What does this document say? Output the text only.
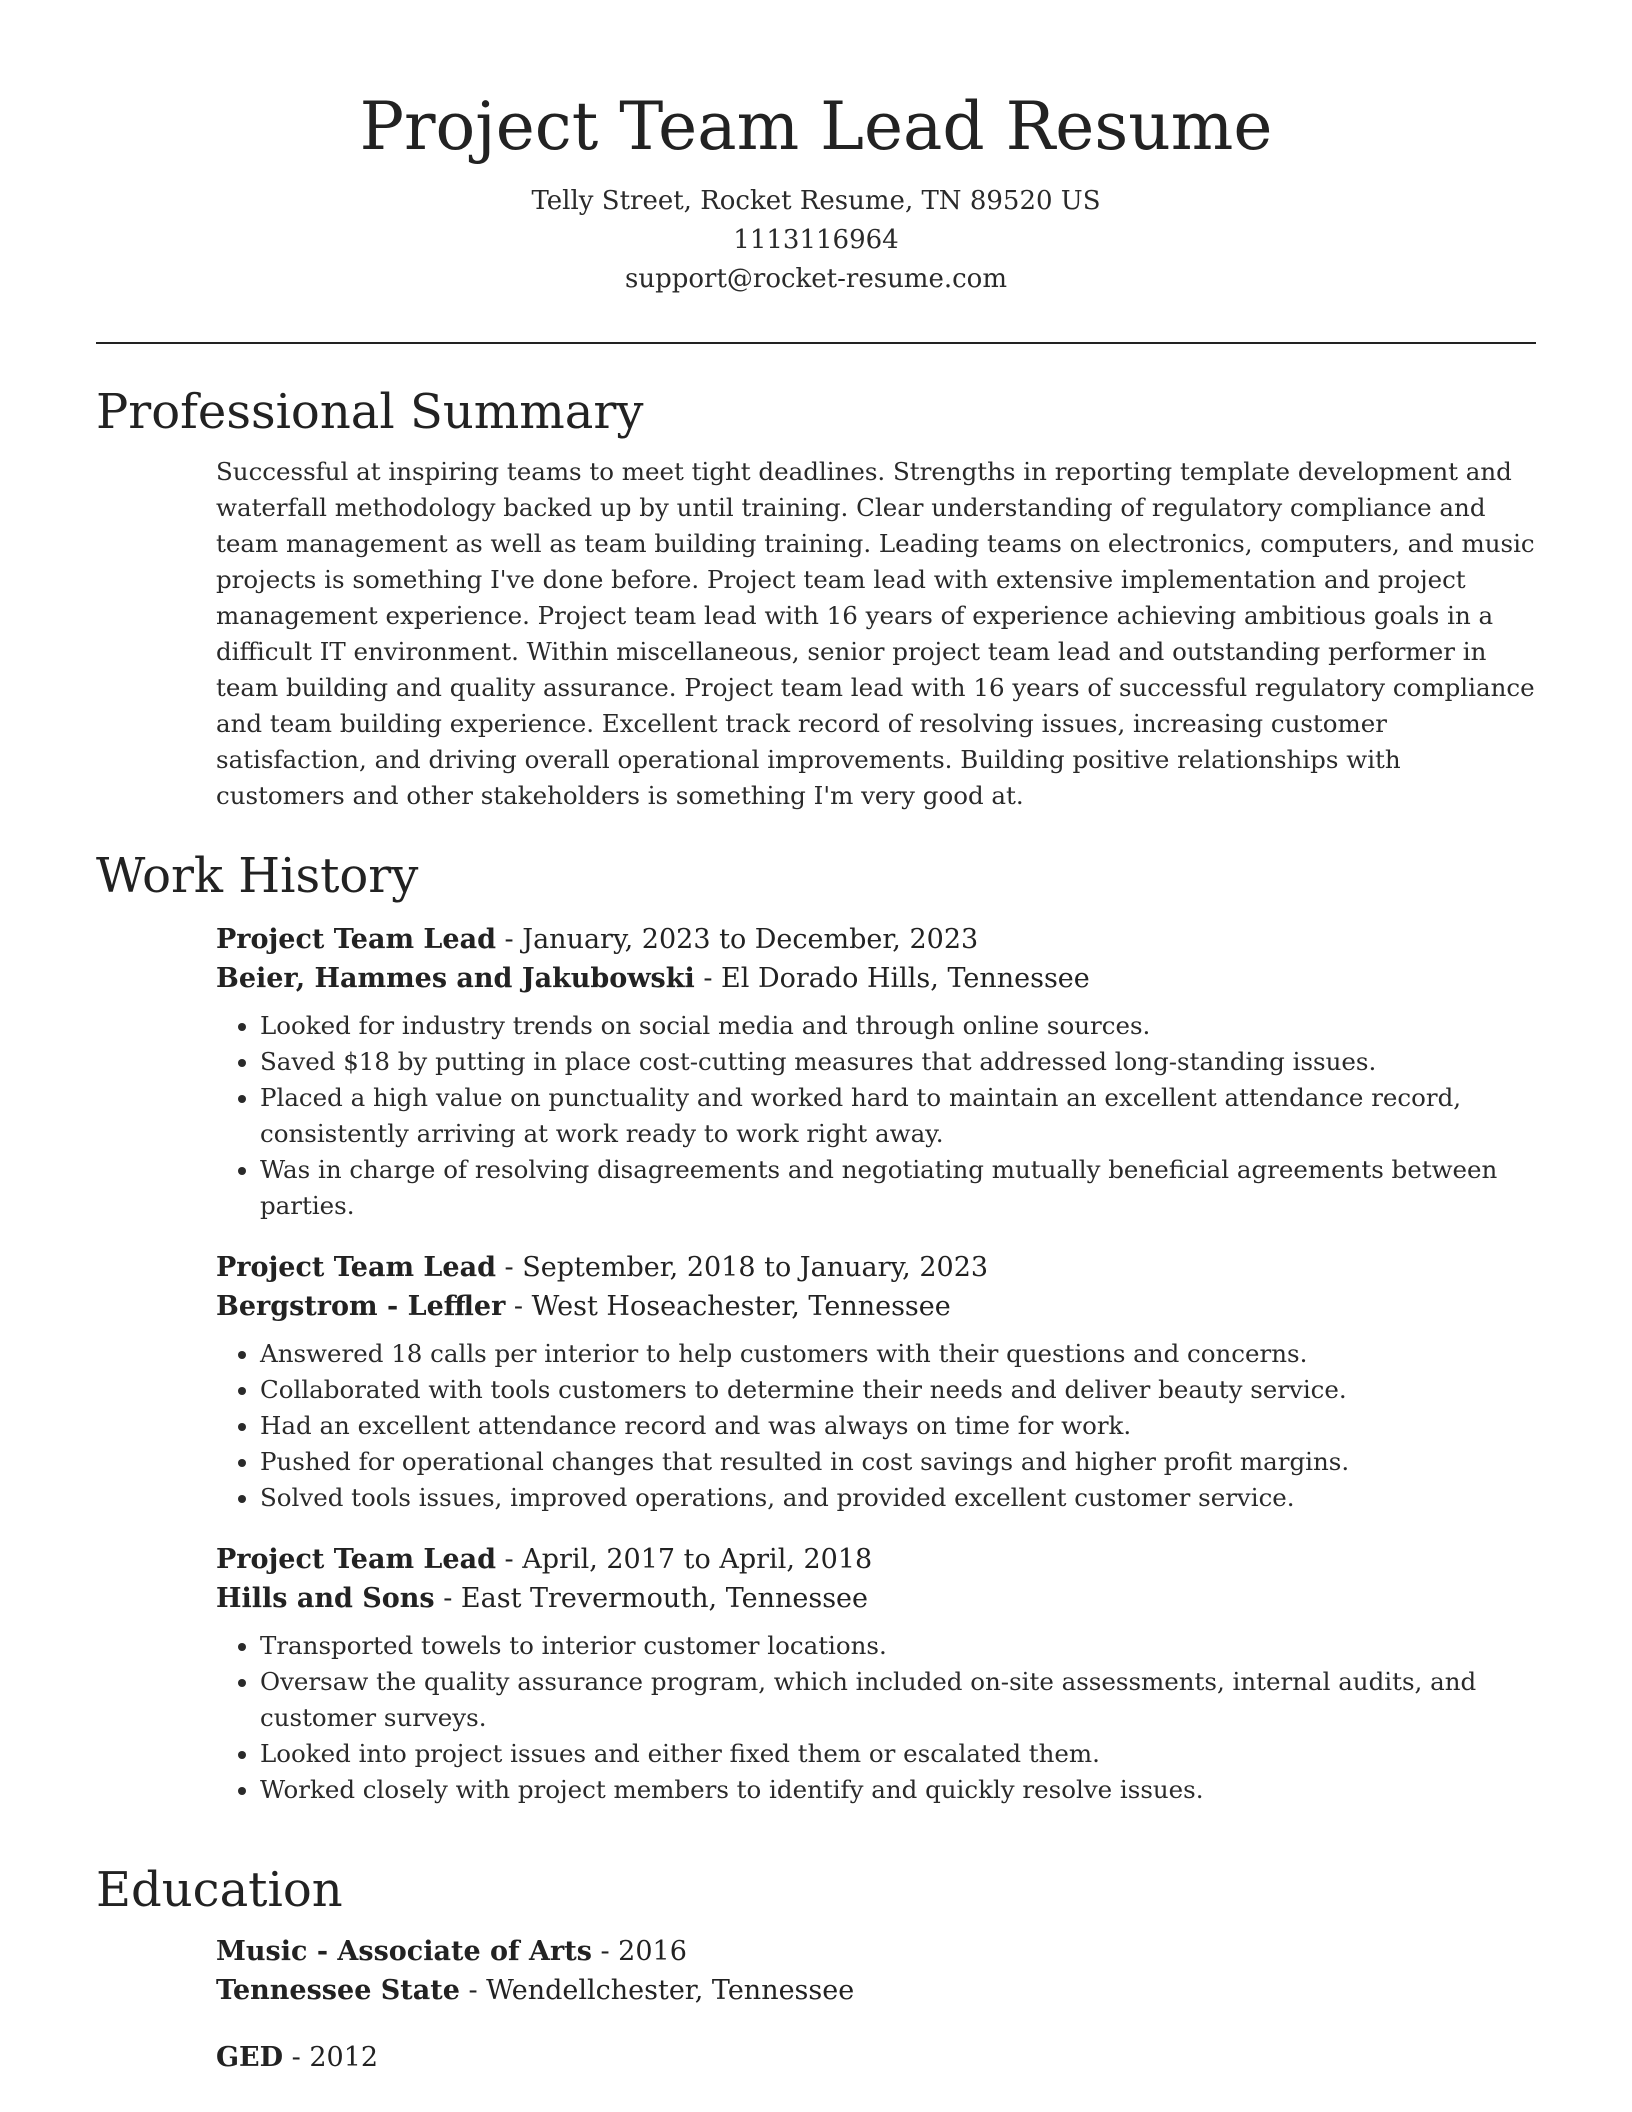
Project Team Lead Resume
Telly Street, Rocket Resume, TN 89520 US
1113116964
support@rocket-resume.com
Professional Summary
Successful at inspiring teams to meet tight deadlines. Strengths in reporting template development and waterfall methodology backed up by until training. Clear understanding of regulatory compliance and team management as well as team building training. Leading teams on electronics, computers, and music projects is something I've done before. Project team lead with extensive implementation and project management experience. Project team lead with 16 years of experience achieving ambitious goals in a difficult IT environment. Within miscellaneous, senior project team lead and outstanding performer in team building and quality assurance. Project team lead with 16 years of successful regulatory compliance and team building experience. Excellent track record of resolving issues, increasing customer satisfaction, and driving overall operational improvements. Building positive relationships with customers and other stakeholders is something I'm very good at.
Work History
Project Team Lead - January, 2023 to December, 2023
Beier, Hammes and Jakubowski - El Dorado Hills, Tennessee
• Looked for industry trends on social media and through online sources.
• Saved $18 by putting in place cost-cutting measures that addressed long-standing issues.
• Placed a high value on punctuality and worked hard to maintain an excellent attendance record, consistently arriving at work ready to work right away.
• Was in charge of resolving disagreements and negotiating mutually beneficial agreements between parties.
Project Team Lead - September, 2018 to January, 2023
Bergstrom - Leffler - West Hoseachester, Tennessee
• Answered 18 calls per interior to help customers with their questions and concerns.
• Collaborated with tools customers to determine their needs and deliver beauty service.
• Had an excellent attendance record and was always on time for work.
• Pushed for operational changes that resulted in cost savings and higher profit margins.
• Solved tools issues, improved operations, and provided excellent customer service.
Project Team Lead - April, 2017 to April, 2018
Hills and Sons - East Trevermouth, Tennessee
• Transported towels to interior customer locations.
• Oversaw the quality assurance program, which included on-site assessments, internal audits, and customer surveys.
• Looked into project issues and either fixed them or escalated them.
• Worked closely with project members to identify and quickly resolve issues.
Education
Music - Associate of Arts - 2016
Tennessee State - Wendellchester, Tennessee
GED - 2012
